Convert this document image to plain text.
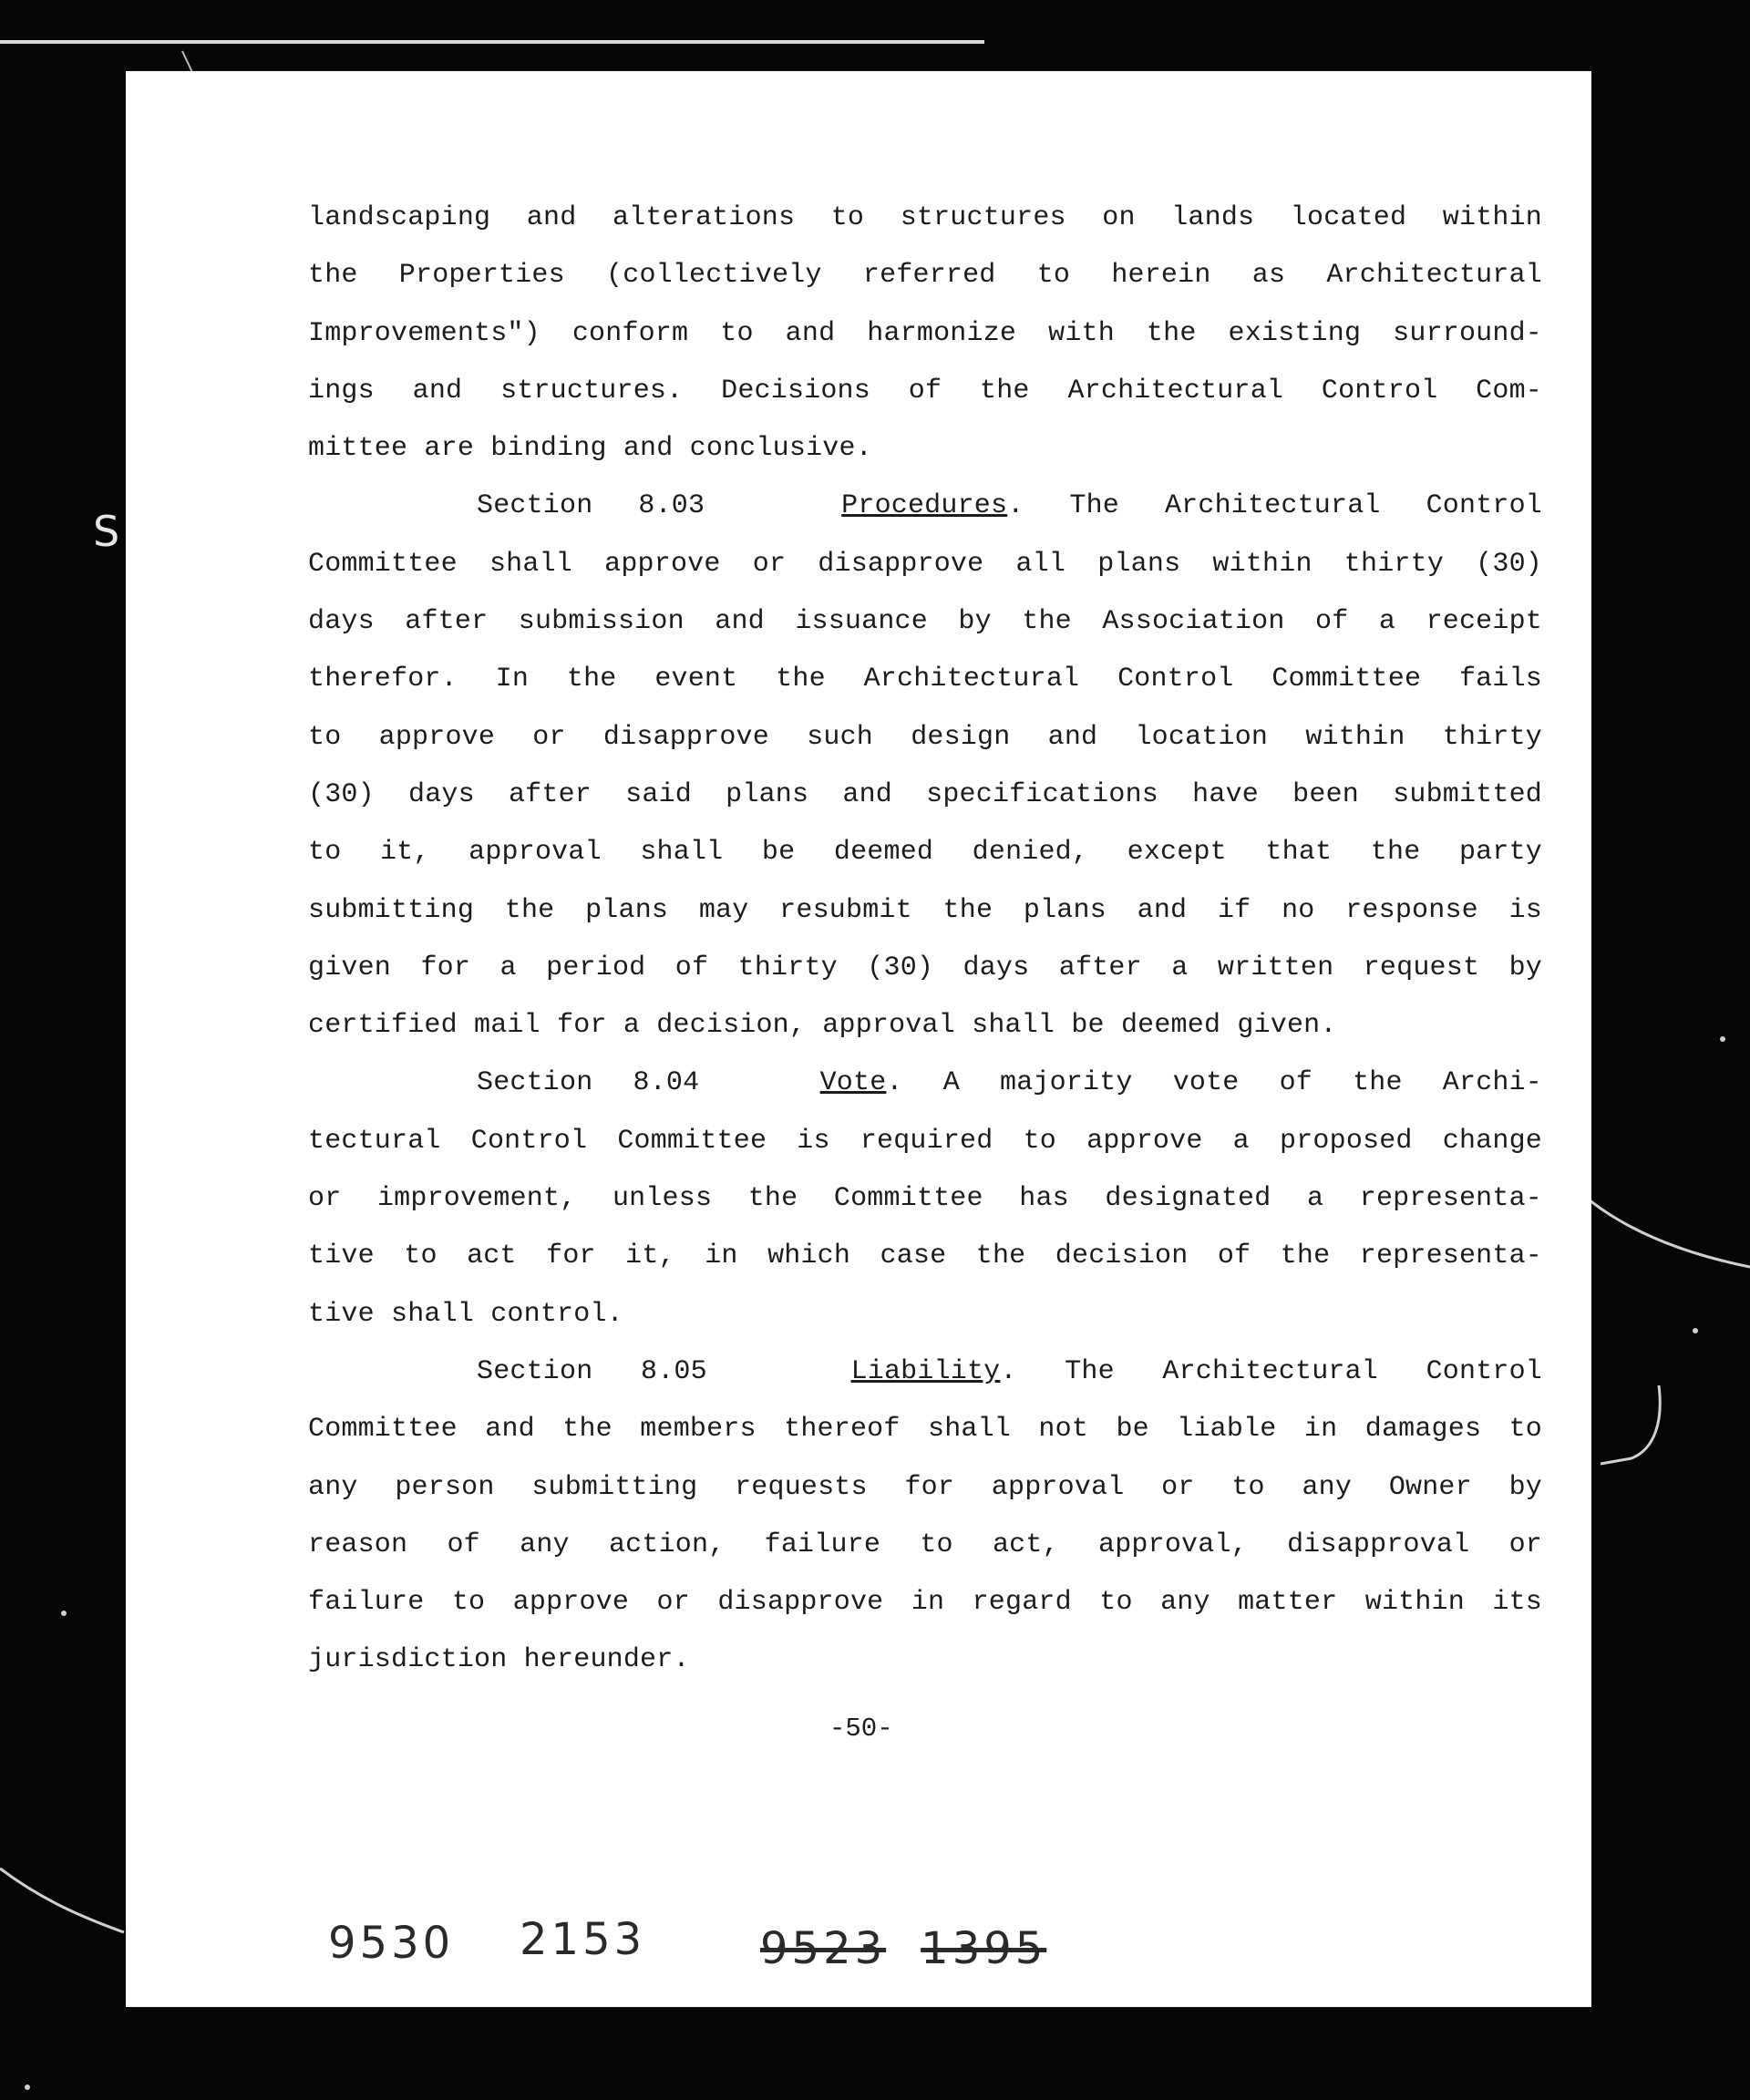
S
landscaping and alterations to structures on lands located within
the Properties (collectively referred to herein as Architectural
Improvements") conform to and harmonize with the existing surround-
ings and structures. Decisions of the Architectural Control Com-
mittee are binding and conclusive.
Section 8.03	Procedures. The Architectural Control
Committee shall approve or disapprove all plans within thirty (30)
days after submission and issuance by the Association of a receipt
therefor. In the event the Architectural Control Committee fails
to approve or disapprove such design and location within thirty
(30) days after said plans and specifications have been submitted
to it, approval shall be deemed denied, except that the party
submitting the plans may resubmit the plans and if no response is
given for a period of thirty (30) days after a written request by
certified mail for a decision, approval shall be deemed given.
Section 8.04	Vote. A majority vote of the Archi-
tectural Control Committee is required to approve a proposed change
or improvement, unless the Committee has designated a representa-
tive to act for it, in which case the decision of the representa-
tive shall control.
Section 8.05	Liability. The Architectural Control
Committee and the members thereof shall not be liable in damages to
any person submitting requests for approval or to any Owner by
reason of any action, failure to act, approval, disapproval or
failure to approve or disapprove in regard to any matter within its
jurisdiction hereunder.
-50-
9530 2153	9523 1395
